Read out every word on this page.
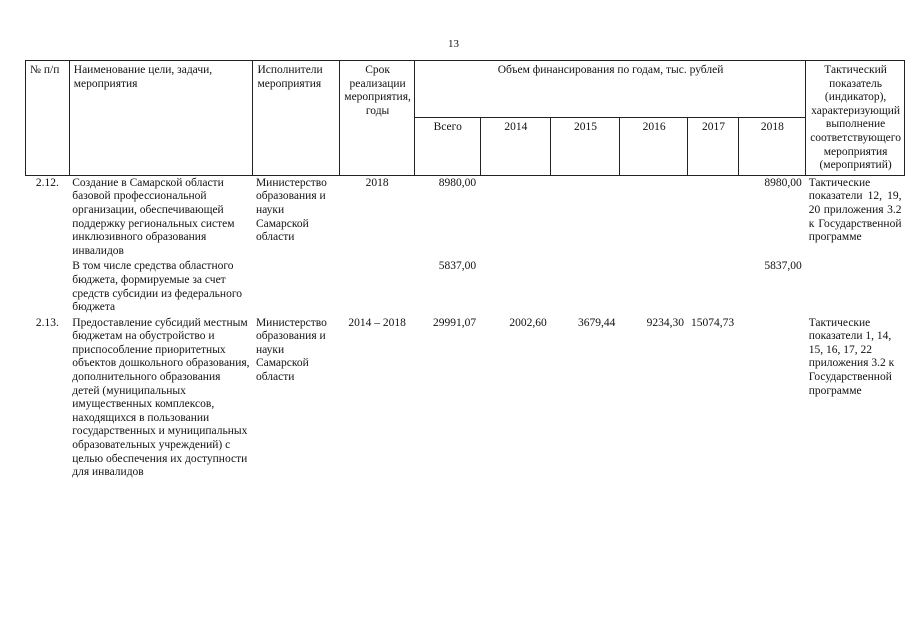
13
№ п/п	Наименование цели, задачи, мероприятия	Исполнители мероприятия	Срок реализации мероприятия, годы	Объем финансирования по годам, тыс. рублей						Тактический показатель (индикатор), характеризующий выполнение соответствующего мероприятия (мероприятий)
				Всего	2014	2015	2016	2017	2018	
2.12.	Создание в Самарской области базовой профессиональной организации, обеспечивающей поддержку региональных систем инклюзивного образования инвалидов	Министерство образования и науки Самарской области	2018	8980,00					8980,00	Тактические показатели 12, 19, 20 приложения 3.2 к Государственной программе
	В том числе средства областного бюджета, формируемые за счет средств субсидии из федерального бюджета			5837,00					5837,00	
2.13.	Предоставление субсидий местным бюджетам на обустройство и приспособление приоритетных объектов дошкольного образования, дополнительного образования детей (муниципальных имущественных комплексов, находящихся в пользовании государственных и муниципальных образовательных учреждений) с целью обеспечения их доступности для инвалидов	Министерство образования и науки Самарской области	2014 – 2018	29991,07	2002,60	3679,44	9234,30	15074,73		Тактические показатели 1, 14, 15, 16, 17, 22 приложения 3.2 к Государственной программе
